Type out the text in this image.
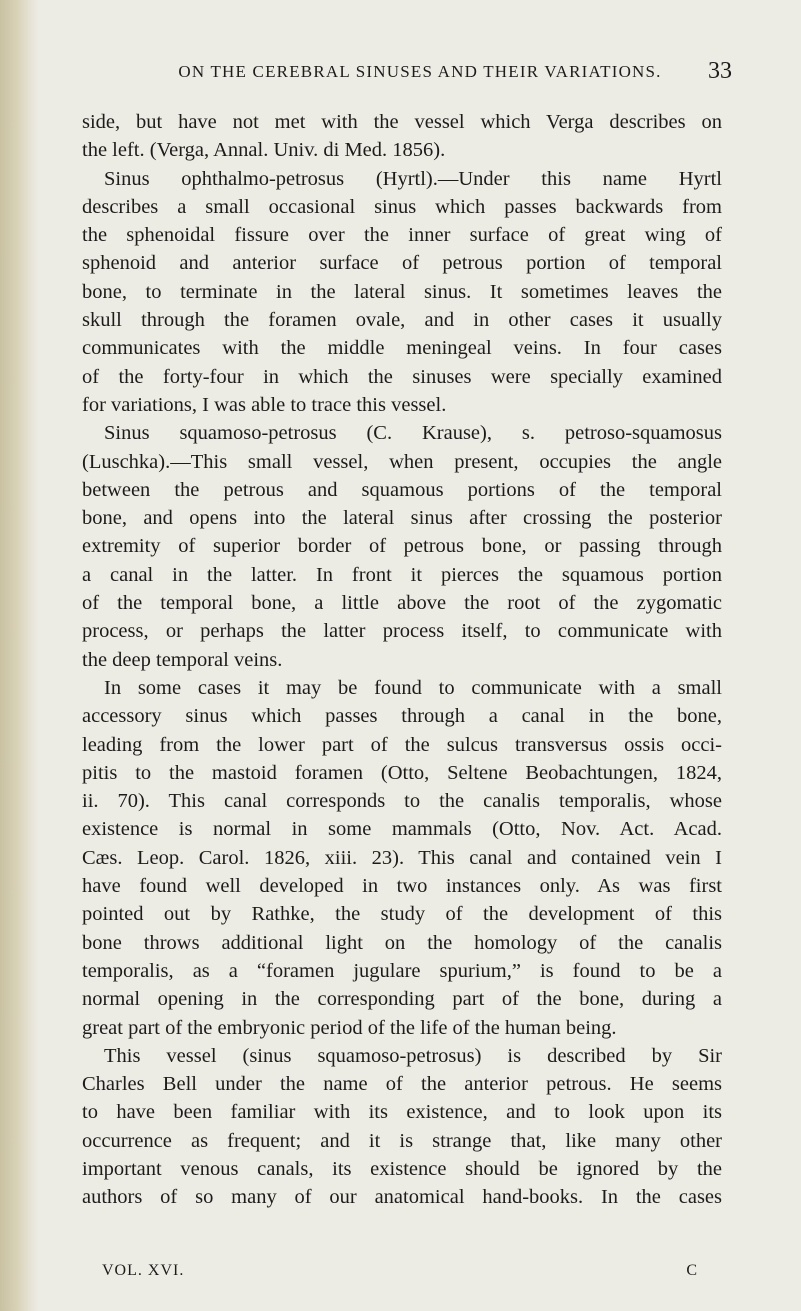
ON THE CEREBRAL SINUSES AND THEIR VARIATIONS.	33
side, but have not met with the vessel which Verga describes on
the left. (Verga, Annal. Univ. di Med. 1856).
Sinus ophthalmo-petrosus (Hyrtl).—Under this name Hyrtl
describes a small occasional sinus which passes backwards from
the sphenoidal fissure over the inner surface of great wing of
sphenoid and anterior surface of petrous portion of temporal
bone, to terminate in the lateral sinus. It sometimes leaves the
skull through the foramen ovale, and in other cases it usually
communicates with the middle meningeal veins. In four cases
of the forty-four in which the sinuses were specially examined
for variations, I was able to trace this vessel.
Sinus squamoso-petrosus (C. Krause), s. petroso-squamosus
(Luschka).—This small vessel, when present, occupies the angle
between the petrous and squamous portions of the temporal
bone, and opens into the lateral sinus after crossing the posterior
extremity of superior border of petrous bone, or passing through
a canal in the latter. In front it pierces the squamous portion
of the temporal bone, a little above the root of the zygomatic
process, or perhaps the latter process itself, to communicate with
the deep temporal veins.
In some cases it may be found to communicate with a small
accessory sinus which passes through a canal in the bone,
leading from the lower part of the sulcus transversus ossis occi-
pitis to the mastoid foramen (Otto, Seltene Beobachtungen, 1824,
ii. 70). This canal corresponds to the canalis temporalis, whose
existence is normal in some mammals (Otto, Nov. Act. Acad.
Cæs. Leop. Carol. 1826, xiii. 23). This canal and contained vein I
have found well developed in two instances only. As was first
pointed out by Rathke, the study of the development of this
bone throws additional light on the homology of the canalis
temporalis, as a “foramen jugulare spurium,” is found to be a
normal opening in the corresponding part of the bone, during a
great part of the embryonic period of the life of the human being.
This vessel (sinus squamoso-petrosus) is described by Sir
Charles Bell under the name of the anterior petrous. He seems
to have been familiar with its existence, and to look upon its
occurrence as frequent; and it is strange that, like many other
important venous canals, its existence should be ignored by the
authors of so many of our anatomical hand-books. In the cases
VOL. XVI.	C
